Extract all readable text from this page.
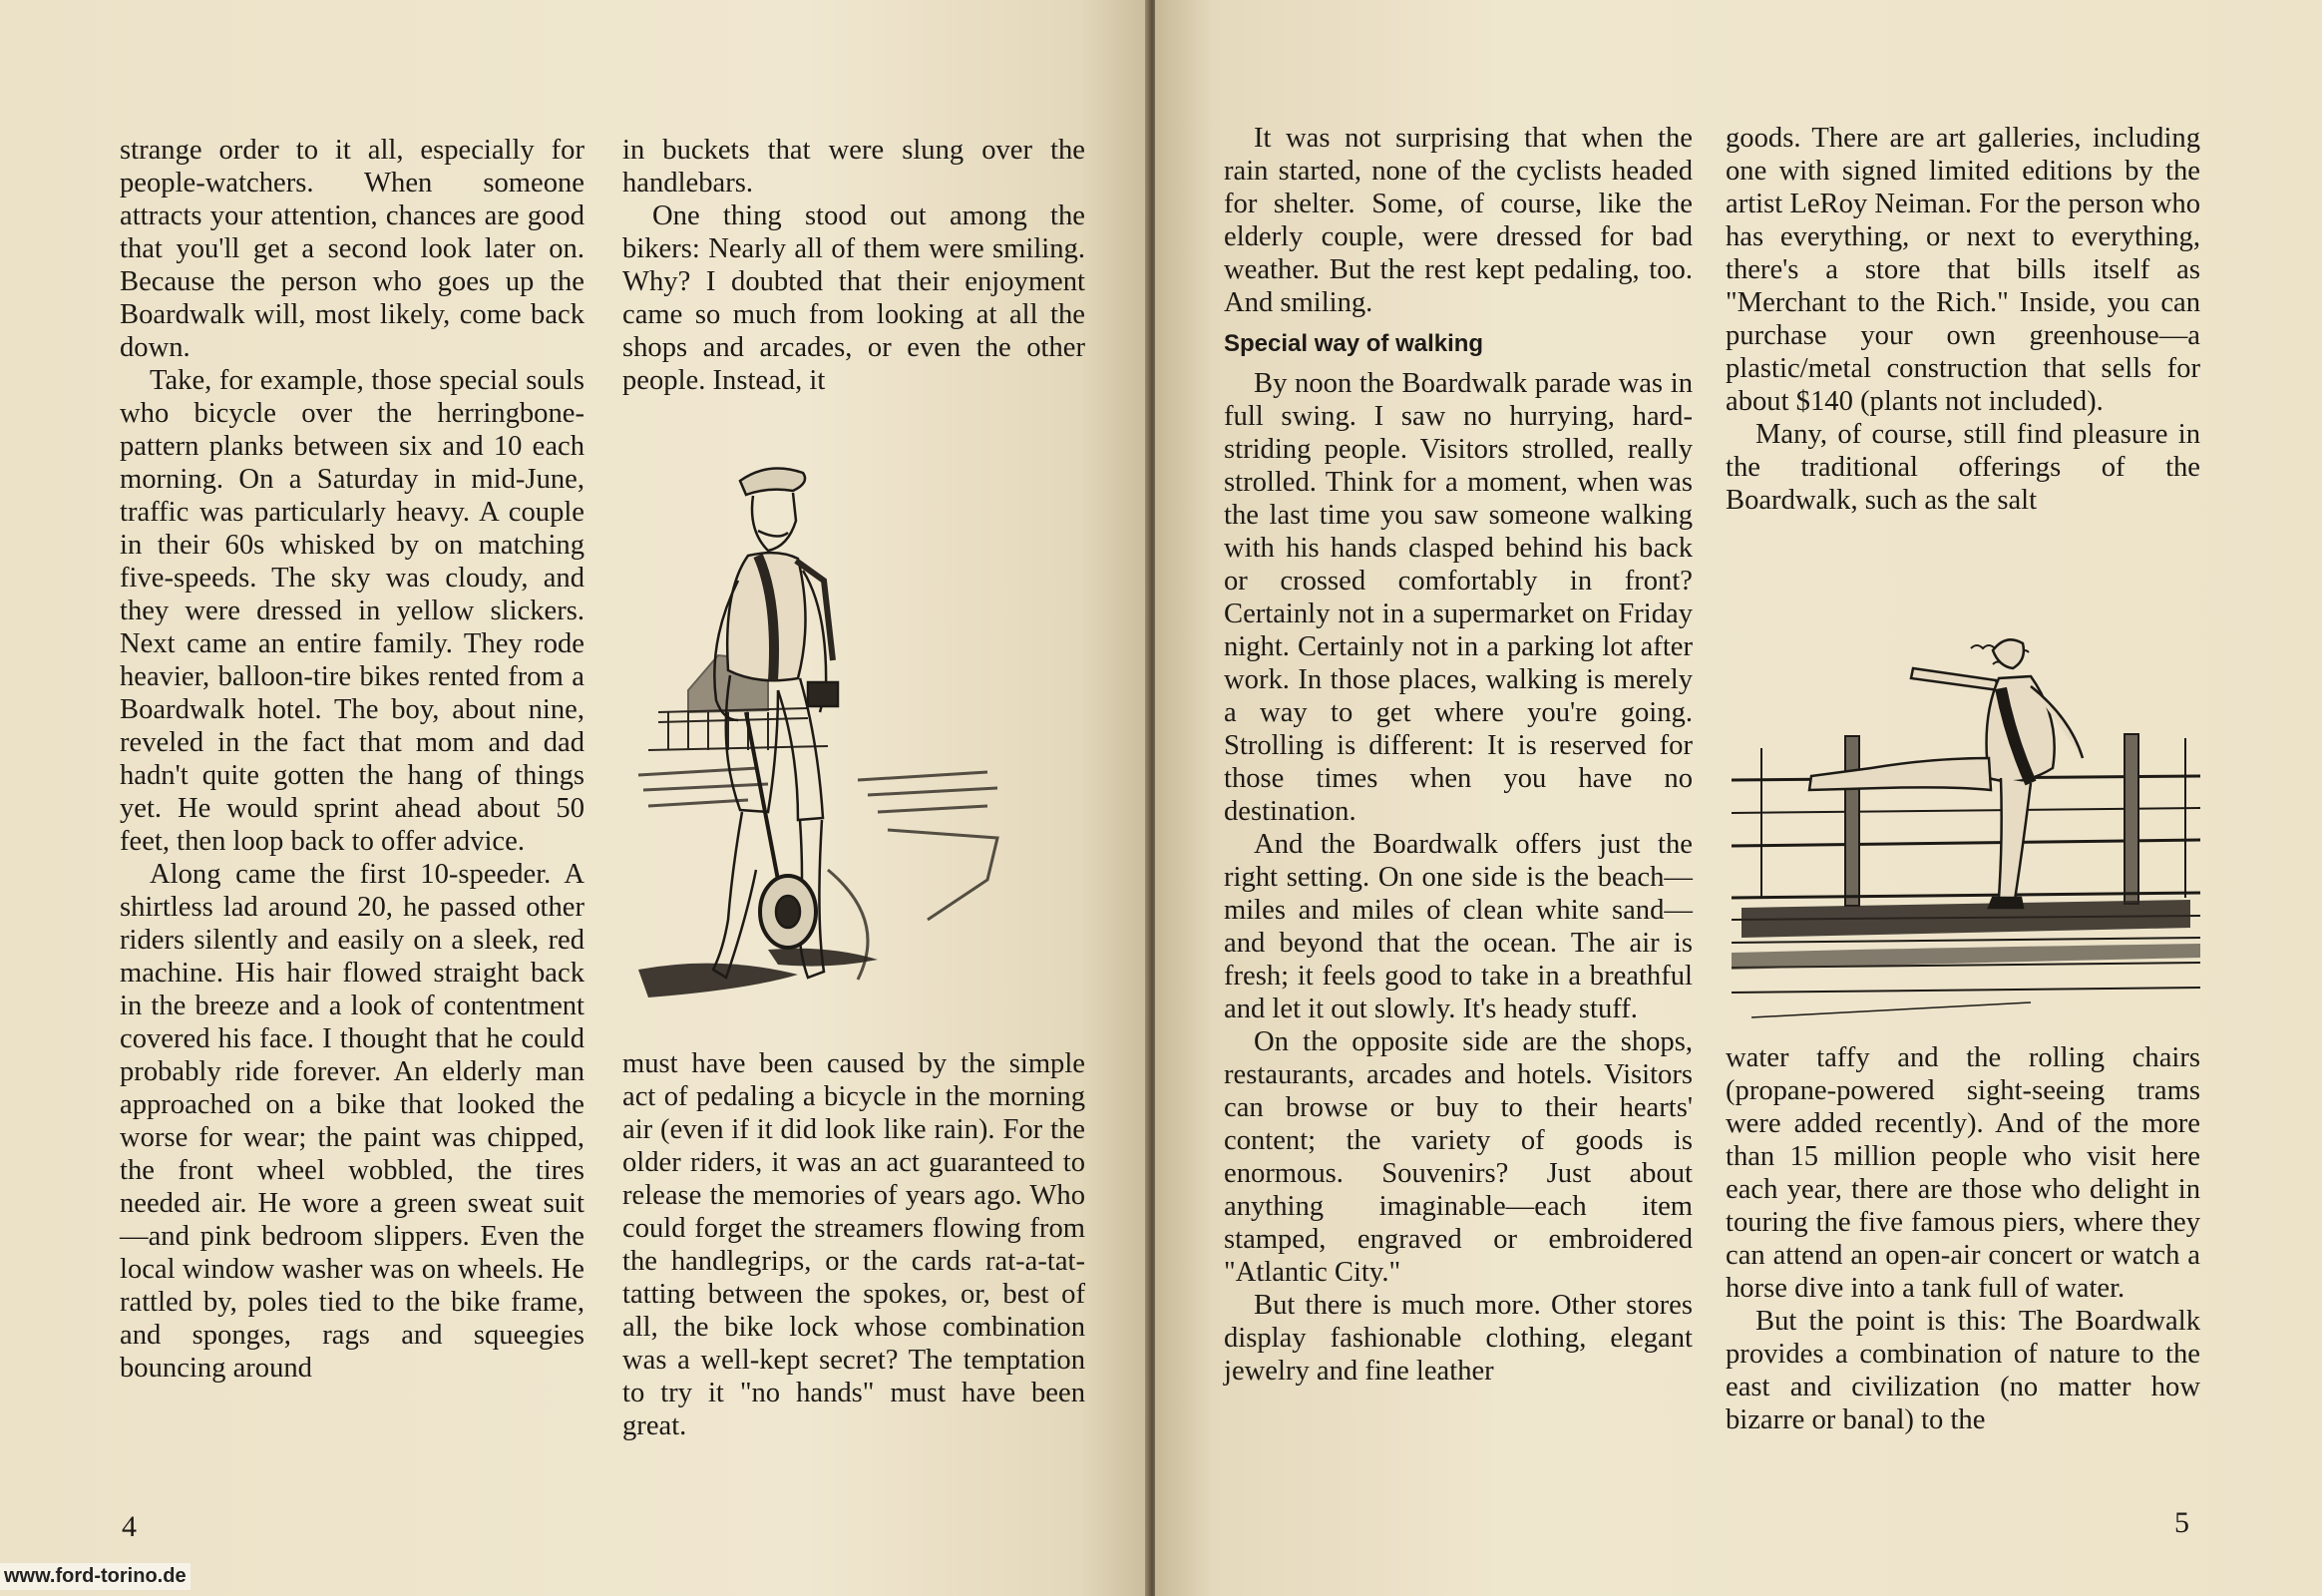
strange order to it all, especially for people-watchers. When someone attracts your attention, chances are good that you'll get a second look later on. Because the person who goes up the Boardwalk will, most likely, come back down.

Take, for example, those special souls who bicycle over the herringbone-pattern planks between six and 10 each morning. On a Saturday in mid-June, traffic was particularly heavy. A couple in their 60s whisked by on matching five-speeds. The sky was cloudy, and they were dressed in yellow slickers. Next came an entire family. They rode heavier, balloon-tire bikes rented from a Boardwalk hotel. The boy, about nine, reveled in the fact that mom and dad hadn't quite gotten the hang of things yet. He would sprint ahead about 50 feet, then loop back to offer advice.

Along came the first 10-speeder. A shirtless lad around 20, he passed other riders silently and easily on a sleek, red machine. His hair flowed straight back in the breeze and a look of contentment covered his face. I thought that he could probably ride forever. An elderly man approached on a bike that looked the worse for wear; the paint was chipped, the front wheel wobbled, the tires needed air. He wore a green sweat suit—and pink bedroom slippers. Even the local window washer was on wheels. He rattled by, poles tied to the bike frame, and sponges, rags and squeegies bouncing around

in buckets that were slung over the handlebars.

One thing stood out among the bikers: Nearly all of them were smiling. Why? I doubted that their enjoyment came so much from looking at all the shops and arcades, or even the other people. Instead, it

must have been caused by the simple act of pedaling a bicycle in the morning air (even if it did look like rain). For the older riders, it was an act guaranteed to release the memories of years ago. Who could forget the streamers flowing from the handlegrips, or the cards rat-a-tat-tatting between the spokes, or, best of all, the bike lock whose combination was a well-kept secret? The temptation to try it "no hands" must have been great.

4

It was not surprising that when the rain started, none of the cyclists headed for shelter. Some, of course, like the elderly couple, were dressed for bad weather. But the rest kept pedaling, too. And smiling.

Special way of walking

By noon the Boardwalk parade was in full swing. I saw no hurrying, hard-striding people. Visitors strolled, really strolled. Think for a moment, when was the last time you saw someone walking with his hands clasped behind his back or crossed comfortably in front? Certainly not in a supermarket on Friday night. Certainly not in a parking lot after work. In those places, walking is merely a way to get where you're going. Strolling is different: It is reserved for those times when you have no destination.

And the Boardwalk offers just the right setting. On one side is the beach—miles and miles of clean white sand—and beyond that the ocean. The air is fresh; it feels good to take in a breathful and let it out slowly. It's heady stuff.

On the opposite side are the shops, restaurants, arcades and hotels. Visitors can browse or buy to their hearts' content; the variety of goods is enormous. Souvenirs? Just about anything imaginable—each item stamped, engraved or embroidered "Atlantic City."

But there is much more. Other stores display fashionable clothing, elegant jewelry and fine leather

goods. There are art galleries, including one with signed limited editions by the artist LeRoy Neiman. For the person who has everything, or next to everything, there's a store that bills itself as "Merchant to the Rich." Inside, you can purchase your own greenhouse—a plastic/metal construction that sells for about $140 (plants not included).

Many, of course, still find pleasure in the traditional offerings of the Boardwalk, such as the salt

water taffy and the rolling chairs (propane-powered sight-seeing trams were added recently). And of the more than 15 million people who visit here each year, there are those who delight in touring the five famous piers, where they can attend an open-air concert or watch a horse dive into a tank full of water.

But the point is this: The Boardwalk provides a combination of nature to the east and civilization (no matter how bizarre or banal) to the

5
www.ford-torino.de
